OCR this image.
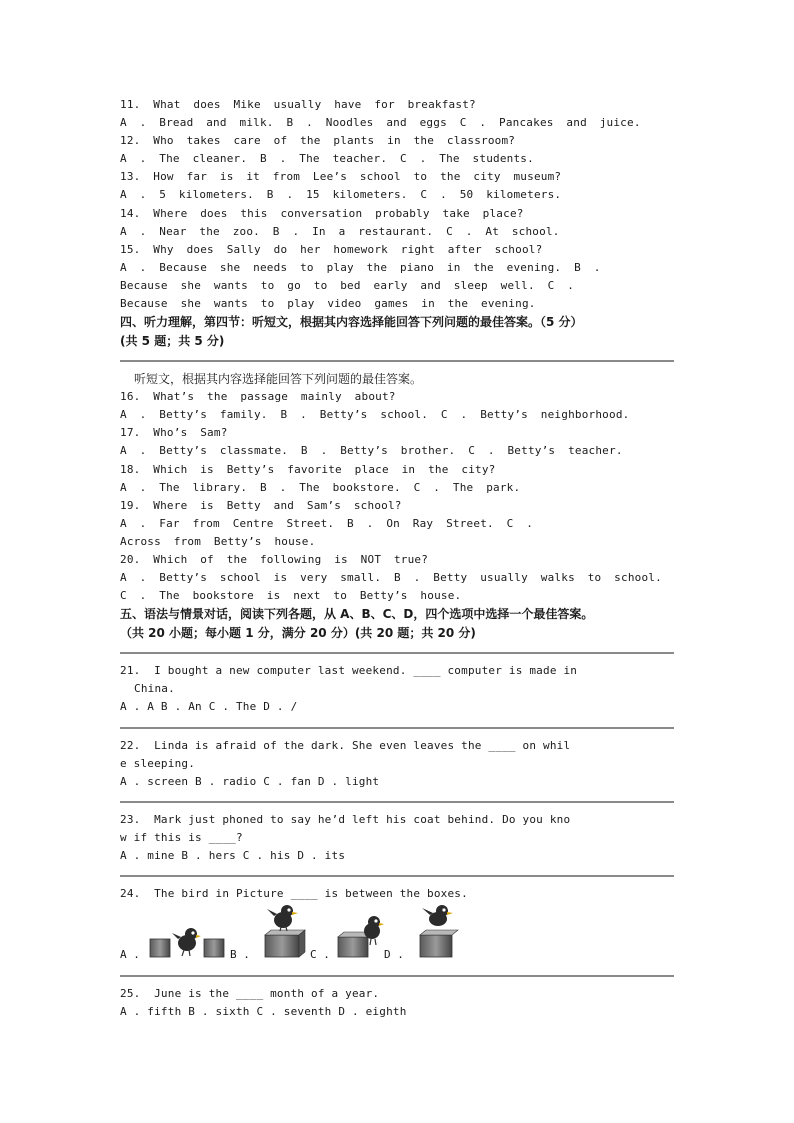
11. What does Mike usually have for breakfast?
A . Bread and milk. B . Noodles and eggs C . Pancakes and juice.
12. Who takes care of the plants in the classroom?
A . The cleaner. B . The teacher. C . The students.
13. How far is it from Lee’s school to the city museum?
A . 5 kilometers. B . 15 kilometers. C . 50 kilometers.
14. Where does this conversation probably take place?
A . Near the zoo. B . In a restaurant. C . At school.
15. Why does Sally do her homework right after school?
A . Because she needs to play the piano in the evening. B .
Because she wants to go to bed early and sleep well. C .
Because she wants to play video games in the evening.
四、听力理解，第四节：听短文，根据其内容选择能回答下列问题的最佳答案。（5 分）
(共 5 题；共 5 分)
听短文，根据其内容选择能回答下列问题的最佳答案。
16. What’s the passage mainly about?
A . Betty’s family. B . Betty’s school. C . Betty’s neighborhood.
17. Who’s Sam?
A . Betty’s classmate. B . Betty’s brother. C . Betty’s teacher.
18. Which is Betty’s favorite place in the city?
A . The library. B . The bookstore. C . The park.
19. Where is Betty and Sam’s school?
A . Far from Centre Street. B . On Ray Street. C .
Across from Betty’s house.
20. Which of the following is NOT true?
A . Betty’s school is very small. B . Betty usually walks to school.
C . The bookstore is next to Betty’s house.
五、语法与情景对话，阅读下列各题，从 A、B、C、D，四个选项中选择一个最佳答案。
（共 20 小题；每小题 1 分，满分 20 分）(共 20 题；共 20 分)
21.  I bought a new computer last weekend. ____ computer is made in
China.
A . A B . An C . The D . /
22.  Linda is afraid of the dark. She even leaves the ____ on whil
e sleeping.
A . screen B . radio C . fan D . light
23.  Mark just phoned to say he’d left his coat behind. Do you kno
w if this is ____?
A . mine B . hers C . his D . its
24.  The bird in Picture ____ is between the boxes.
A .	B .	C .	D .
25.  June is the ____ month of a year.
A . fifth B . sixth C . seventh D . eighth
